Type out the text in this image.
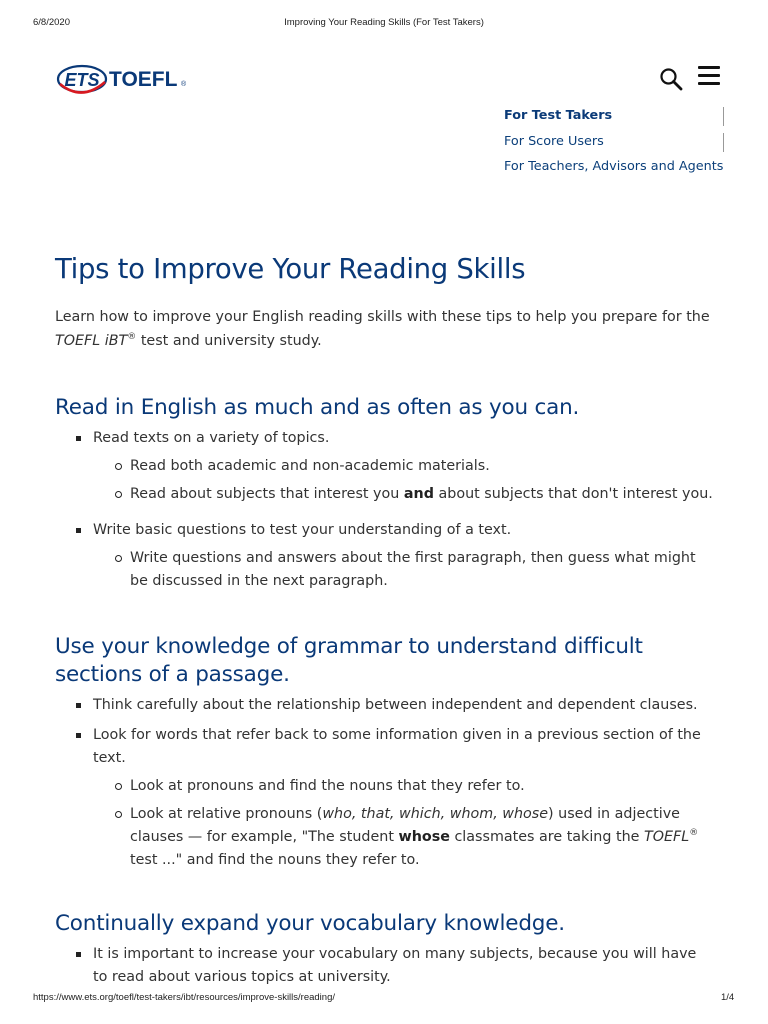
6/8/2020	Improving Your Reading Skills (For Test Takers)
ETS TOEFL ®
For Test Takers
For Score Users
For Teachers, Advisors and Agents
Tips to Improve Your Reading Skills

Learn how to improve your English reading skills with these tips to help you prepare for the TOEFL iBT® test and university study.

Read in English as much and as often as you can.
Read texts on a variety of topics.
Read both academic and non-academic materials.
Read about subjects that interest you and about subjects that don't interest you.
Write basic questions to test your understanding of a text.
Write questions and answers about the first paragraph, then guess what might be discussed in the next paragraph.
Use your knowledge of grammar to understand difficult sections of a passage.
Think carefully about the relationship between independent and dependent clauses.
Look for words that refer back to some information given in a previous section of the text.
Look at pronouns and find the nouns that they refer to.
Look at relative pronouns (who, that, which, whom, whose) used in adjective clauses — for example, "The student whose classmates are taking the TOEFL® test ..." and find the nouns they refer to.
Continually expand your vocabulary knowledge.
It is important to increase your vocabulary on many subjects, because you will have to read about various topics at university.
https://www.ets.org/toefl/test-takers/ibt/resources/improve-skills/reading/	1/4
